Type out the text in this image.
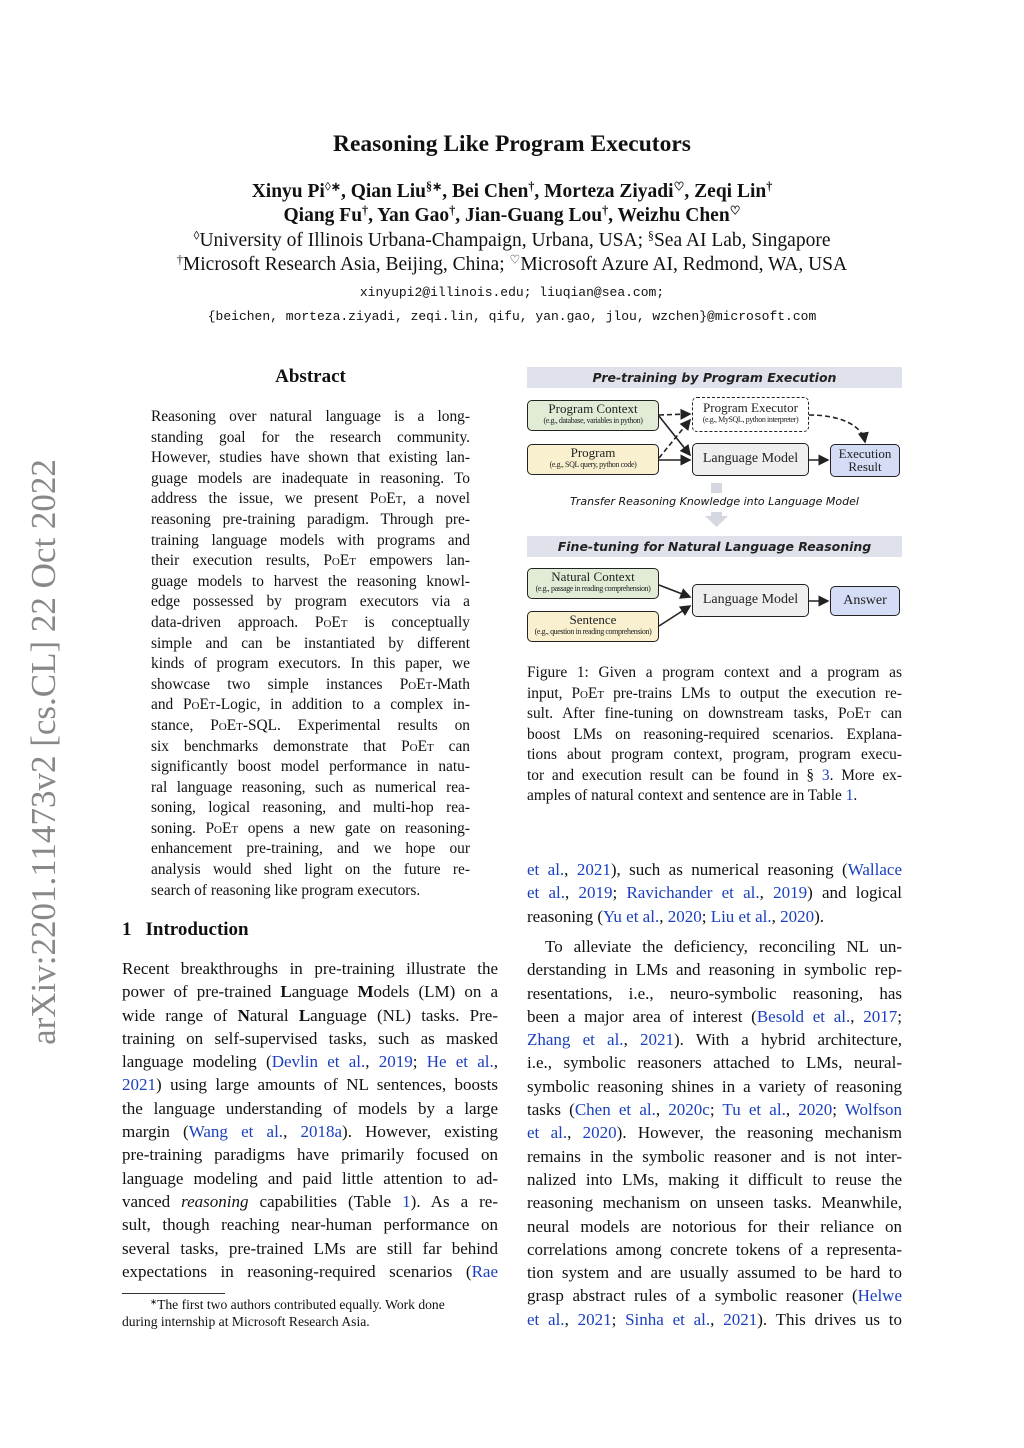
arXiv:2201.11473v2 [cs.CL] 22 Oct 2022
Reasoning Like Program Executors
Xinyu Pi◊∗, Qian Liu§∗, Bei Chen†, Morteza Ziyadi♡, Zeqi Lin†
Qiang Fu†, Yan Gao†, Jian-Guang Lou†, Weizhu Chen♡
◊University of Illinois Urbana-Champaign, Urbana, USA; §Sea AI Lab, Singapore
†Microsoft Research Asia, Beijing, China; ♡Microsoft Azure AI, Redmond, WA, USA
xinyupi2@illinois.edu; liuqian@sea.com;
{beichen, morteza.ziyadi, zeqi.lin, qifu, yan.gao, jlou, wzchen}@microsoft.com
Abstract
Reasoning over natural language is a long-
standing goal for the research community.
However, studies have shown that existing lan-
guage models are inadequate in reasoning. To
address the issue, we present PoEt, a novel
reasoning pre-training paradigm. Through pre-
training language models with programs and
their execution results, PoEt empowers lan-
guage models to harvest the reasoning knowl-
edge possessed by program executors via a
data-driven approach. PoEt is conceptually
simple and can be instantiated by different
kinds of program executors. In this paper, we
showcase two simple instances PoEt-Math
and PoEt-Logic, in addition to a complex in-
stance, PoEt-SQL. Experimental results on
six benchmarks demonstrate that PoEt can
significantly boost model performance in natu-
ral language reasoning, such as numerical rea-
soning, logical reasoning, and multi-hop rea-
soning. PoEt opens a new gate on reasoning-
enhancement pre-training, and we hope our
analysis would shed light on the future re-
search of reasoning like program executors.
1 Introduction
Recent breakthroughs in pre-training illustrate the
power of pre-trained Language Models (LM) on a
wide range of Natural Language (NL) tasks. Pre-
training on self-supervised tasks, such as masked
language modeling (Devlin et al., 2019; He et al.,
2021) using large amounts of NL sentences, boosts
the language understanding of models by a large
margin (Wang et al., 2018a). However, existing
pre-training paradigms have primarily focused on
language modeling and paid little attention to ad-
vanced reasoning capabilities (Table 1). As a re-
sult, though reaching near-human performance on
several tasks, pre-trained LMs are still far behind
expectations in reasoning-required scenarios (Rae
∗The first two authors contributed equally. Work done
during internship at Microsoft Research Asia.
Pre-training by Program Execution
Program Context
(e.g., database, variables in python)
Program
(e.g., SQL query, python code)
Program Executor
(e.g., MySQL, python interpreter)
Language Model	Execution
Result
Transfer Reasoning Knowledge into Language Model
Fine-tuning for Natural Language Reasoning
Natural Context
(e.g., passage in reading comprehension)
Sentence
(e.g., question in reading comprehension)
Language Model	Answer
Figure 1: Given a program context and a program as
input, PoEt pre-trains LMs to output the execution re-
sult. After fine-tuning on downstream tasks, PoEt can
boost LMs on reasoning-required scenarios. Explana-
tions about program context, program, program execu-
tor and execution result can be found in § 3. More ex-
amples of natural context and sentence are in Table 1.
et al., 2021), such as numerical reasoning (Wallace
et al., 2019; Ravichander et al., 2019) and logical
reasoning (Yu et al., 2020; Liu et al., 2020).
To alleviate the deficiency, reconciling NL un-
derstanding in LMs and reasoning in symbolic rep-
resentations, i.e., neuro-symbolic reasoning, has
been a major area of interest (Besold et al., 2017;
Zhang et al., 2021). With a hybrid architecture,
i.e., symbolic reasoners attached to LMs, neural-
symbolic reasoning shines in a variety of reasoning
tasks (Chen et al., 2020c; Tu et al., 2020; Wolfson
et al., 2020). However, the reasoning mechanism
remains in the symbolic reasoner and is not inter-
nalized into LMs, making it difficult to reuse the
reasoning mechanism on unseen tasks. Meanwhile,
neural models are notorious for their reliance on
correlations among concrete tokens of a representa-
tion system and are usually assumed to be hard to
grasp abstract rules of a symbolic reasoner (Helwe
et al., 2021; Sinha et al., 2021). This drives us to
